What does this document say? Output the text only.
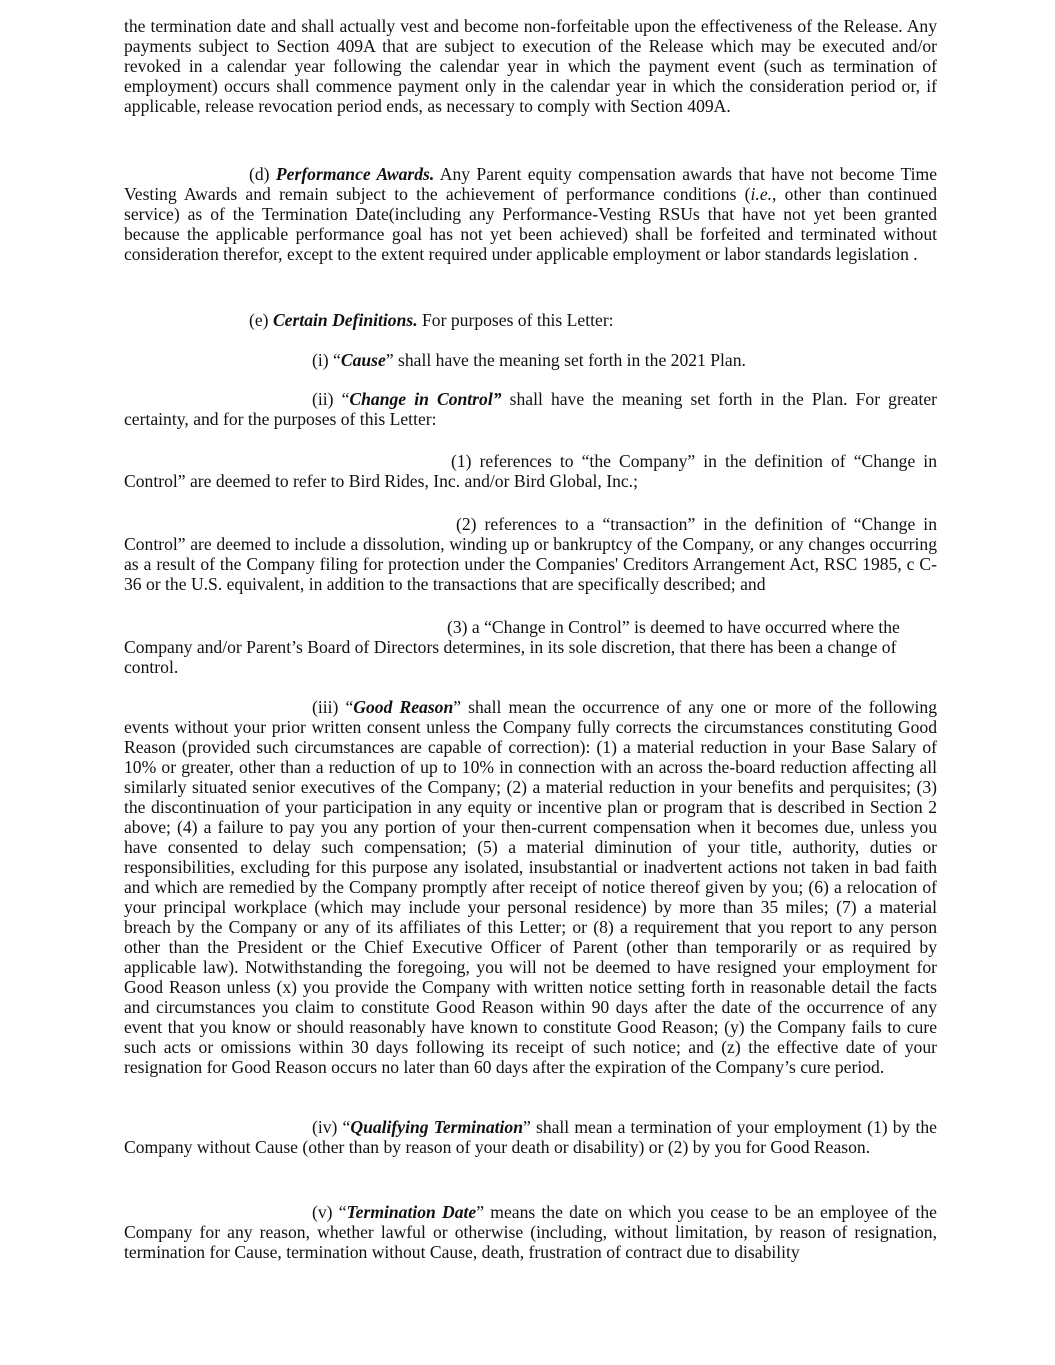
the termination date and shall actually vest and become non-forfeitable upon the effectiveness of the Release. Any payments subject to Section 409A that are subject to execution of the Release which may be executed and/or revoked in a calendar year following the calendar year in which the payment event (such as termination of employment) occurs shall commence payment only in the calendar year in which the consideration period or, if applicable, release revocation period ends, as necessary to comply with Section 409A.

(d) Performance Awards. Any Parent equity compensation awards that have not become Time Vesting Awards and remain subject to the achievement of performance conditions (i.e., other than continued service) as of the Termination Date(including any Performance-Vesting RSUs that have not yet been granted because the applicable performance goal has not yet been achieved) shall be forfeited and terminated without consideration therefor, except to the extent required under applicable employment or labor standards legislation .

(e) Certain Definitions. For purposes of this Letter:

(i) “Cause” shall have the meaning set forth in the 2021 Plan.

(ii) “Change in Control” shall have the meaning set forth in the Plan. For greater certainty, and for the purposes of this Letter:

(1) references to “the Company” in the definition of “Change in Control” are deemed to refer to Bird Rides, Inc. and/or Bird Global, Inc.;

(2) references to a “transaction” in the definition of “Change in Control” are deemed to include a dissolution, winding up or bankruptcy of the Company, or any changes occurring as a result of the Company filing for protection under the Companies' Creditors Arrangement Act, RSC 1985, c C-36 or the U.S. equivalent, in addition to the transactions that are specifically described; and

(3) a “Change in Control” is deemed to have occurred where the Company and/or Parent’s Board of Directors determines, in its sole discretion, that there has been a change of control.

(iii) “Good Reason” shall mean the occurrence of any one or more of the following events without your prior written consent unless the Company fully corrects the circumstances constituting Good Reason (provided such circumstances are capable of correction): (1) a material reduction in your Base Salary of 10% or greater, other than a reduction of up to 10% in connection with an across the-board reduction affecting all similarly situated senior executives of the Company; (2) a material reduction in your benefits and perquisites; (3) the discontinuation of your participation in any equity or incentive plan or program that is described in Section 2 above; (4) a failure to pay you any portion of your then-current compensation when it becomes due, unless you have consented to delay such compensation; (5) a material diminution of your title, authority, duties or responsibilities, excluding for this purpose any isolated, insubstantial or inadvertent actions not taken in bad faith and which are remedied by the Company promptly after receipt of notice thereof given by you; (6) a relocation of your principal workplace (which may include your personal residence) by more than 35 miles; (7) a material breach by the Company or any of its affiliates of this Letter; or (8) a requirement that you report to any person other than the President or the Chief Executive Officer of Parent (other than temporarily or as required by applicable law). Notwithstanding the foregoing, you will not be deemed to have resigned your employment for Good Reason unless (x) you provide the Company with written notice setting forth in reasonable detail the facts and circumstances you claim to constitute Good Reason within 90 days after the date of the occurrence of any event that you know or should reasonably have known to constitute Good Reason; (y) the Company fails to cure such acts or omissions within 30 days following its receipt of such notice; and (z) the effective date of your resignation for Good Reason occurs no later than 60 days after the expiration of the Company’s cure period.

(iv) “Qualifying Termination” shall mean a termination of your employment (1) by the Company without Cause (other than by reason of your death or disability) or (2) by you for Good Reason.

(v) “Termination Date” means the date on which you cease to be an employee of the Company for any reason, whether lawful or otherwise (including, without limitation, by reason of resignation, termination for Cause, termination without Cause, death, frustration of contract due to disability
